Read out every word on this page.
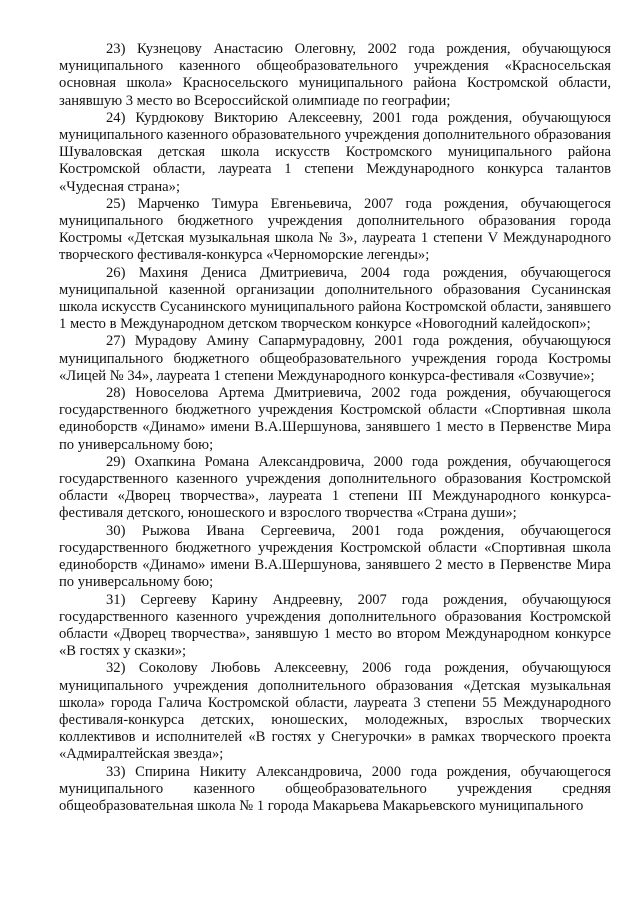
23) Кузнецову Анастасию Олеговну, 2002 года рождения, обучающуюся муниципального казенного общеобразовательного учреждения «Красносельская основная школа» Красносельского муниципального района Костромской области, занявшую 3 место во Всероссийской олимпиаде по географии;

24) Курдюкову Викторию Алексеевну, 2001 года рождения, обучающуюся муниципального казенного образовательного учреждения дополнительного образования Шуваловская детская школа искусств Костромского муниципального района Костромской области, лауреата 1 степени Международного конкурса талантов «Чудесная страна»;

25) Марченко Тимура Евгеньевича, 2007 года рождения, обучающегося муниципального бюджетного учреждения дополнительного образования города Костромы «Детская музыкальная школа № 3», лауреата 1 степени V Международного творческого фестиваля-конкурса «Черноморские легенды»;

26) Махиня Дениса Дмитриевича, 2004 года рождения, обучающегося муниципальной казенной организации дополнительного образования Сусанинская школа искусств Сусанинского муниципального района Костромской области, занявшего 1 место в Международном детском творческом конкурсе «Новогодний калейдоскоп»;

27) Мурадову Амину Сапармурадовну, 2001 года рождения, обучающуюся муниципального бюджетного общеобразовательного учреждения города Костромы «Лицей № 34», лауреата 1 степени Международного конкурса-фестиваля «Созвучие»;

28) Новоселова Артема Дмитриевича, 2002 года рождения, обучающегося государственного бюджетного учреждения Костромской области «Спортивная школа единоборств «Динамо» имени В.А.Шершунова, занявшего 1 место в Первенстве Мира по универсальному бою;

29) Охапкина Романа Александровича, 2000 года рождения, обучающегося государственного казенного учреждения дополнительного образования Костромской области «Дворец творчества», лауреата 1 степени III Международного конкурса-фестиваля детского, юношеского и взрослого творчества «Страна души»;

30) Рыжова Ивана Сергеевича, 2001 года рождения, обучающегося государственного бюджетного учреждения Костромской области «Спортивная школа единоборств «Динамо» имени В.А.Шершунова, занявшего 2 место в Первенстве Мира по универсальному бою;

31) Сергееву Карину Андреевну, 2007 года рождения, обучающуюся государственного казенного учреждения дополнительного образования Костромской области «Дворец творчества», занявшую 1 место во втором Международном конкурсе «В гостях у сказки»;

32) Соколову Любовь Алексеевну, 2006 года рождения, обучающуюся муниципального учреждения дополнительного образования «Детская музыкальная школа» города Галича Костромской области, лауреата 3 степени 55 Международного фестиваля-конкурса детских, юношеских, молодежных, взрослых творческих коллективов и исполнителей «В гостях у Снегурочки» в рамках творческого проекта «Адмиралтейская звезда»;

33) Спирина Никиту Александровича, 2000 года рождения, обучающегося муниципального казенного общеобразовательного учреждения средняя общеобразовательная школа № 1 города Макарьева Макарьевского муниципального
